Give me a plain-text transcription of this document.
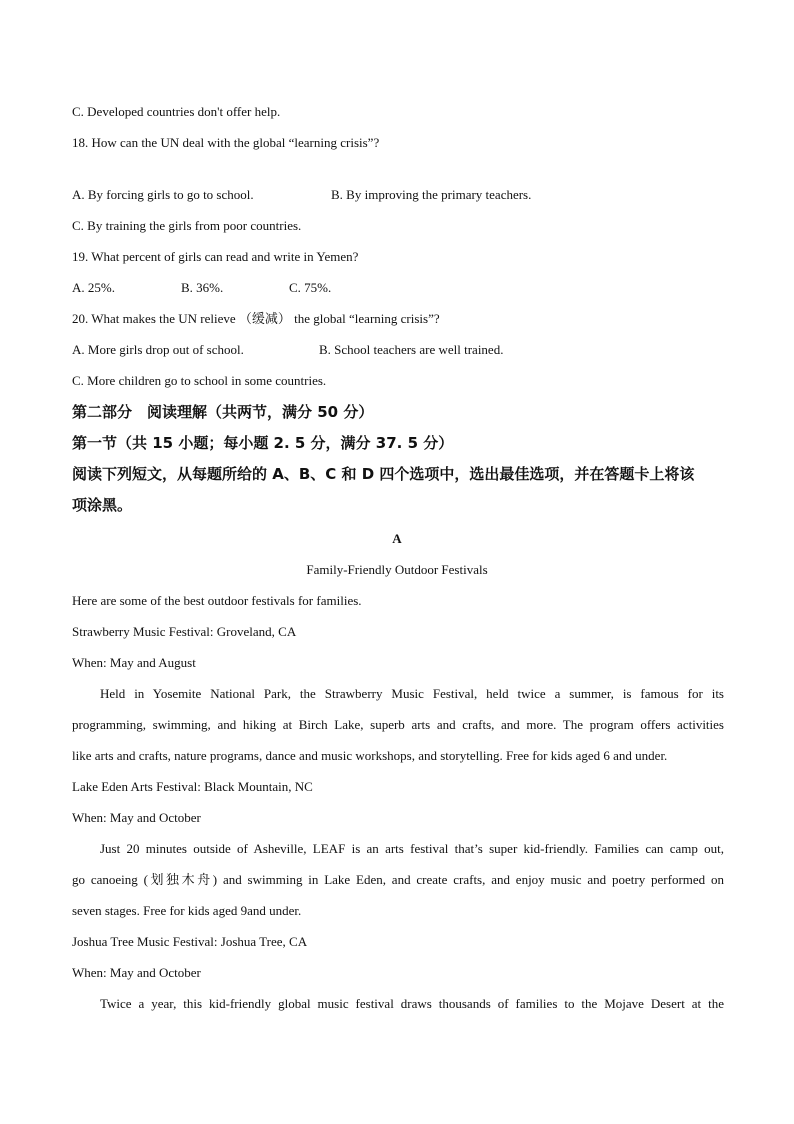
C. Developed countries don't offer help.
18. How can the UN deal with the global “learning crisis”?
A. By forcing girls to go to school.	B. By improving the primary teachers.
C. By training the girls from poor countries.
19. What percent of girls can read and write in Yemen?
A. 25%.	B. 36%.	C. 75%.
20. What makes the UN relieve （缓减） the global “learning crisis”?
A. More girls drop out of school.	B. School teachers are well trained.
C. More children go to school in some countries.
第二部分　阅读理解（共两节，满分 50 分）
第一节（共 15 小题；每小题 2. 5 分，满分 37. 5 分）
阅读下列短文，从每题所给的 A、B、C 和 D 四个选项中，选出最佳选项，并在答题卡上将该
项涂黑。
A
Family-Friendly Outdoor Festivals
Here are some of the best outdoor festivals for families.
Strawberry Music Festival: Groveland, CA
When: May and August
Held in Yosemite National Park, the Strawberry Music Festival, held twice a summer, is famous for its
programming, swimming, and hiking at Birch Lake, superb arts and crafts, and more. The program offers activities
like arts and crafts, nature programs, dance and music workshops, and storytelling. Free for kids aged 6 and under.
Lake Eden Arts Festival: Black Mountain, NC
When: May and October
Just 20 minutes outside of Asheville, LEAF is an arts festival that’s super kid-friendly. Families can camp out,
go canoeing (划独木舟) and swimming in Lake Eden, and create crafts, and enjoy music and poetry performed on
seven stages. Free for kids aged 9and under.
Joshua Tree Music Festival: Joshua Tree, CA
When: May and October
Twice a year, this kid-friendly global music festival draws thousands of families to the Mojave Desert at the
